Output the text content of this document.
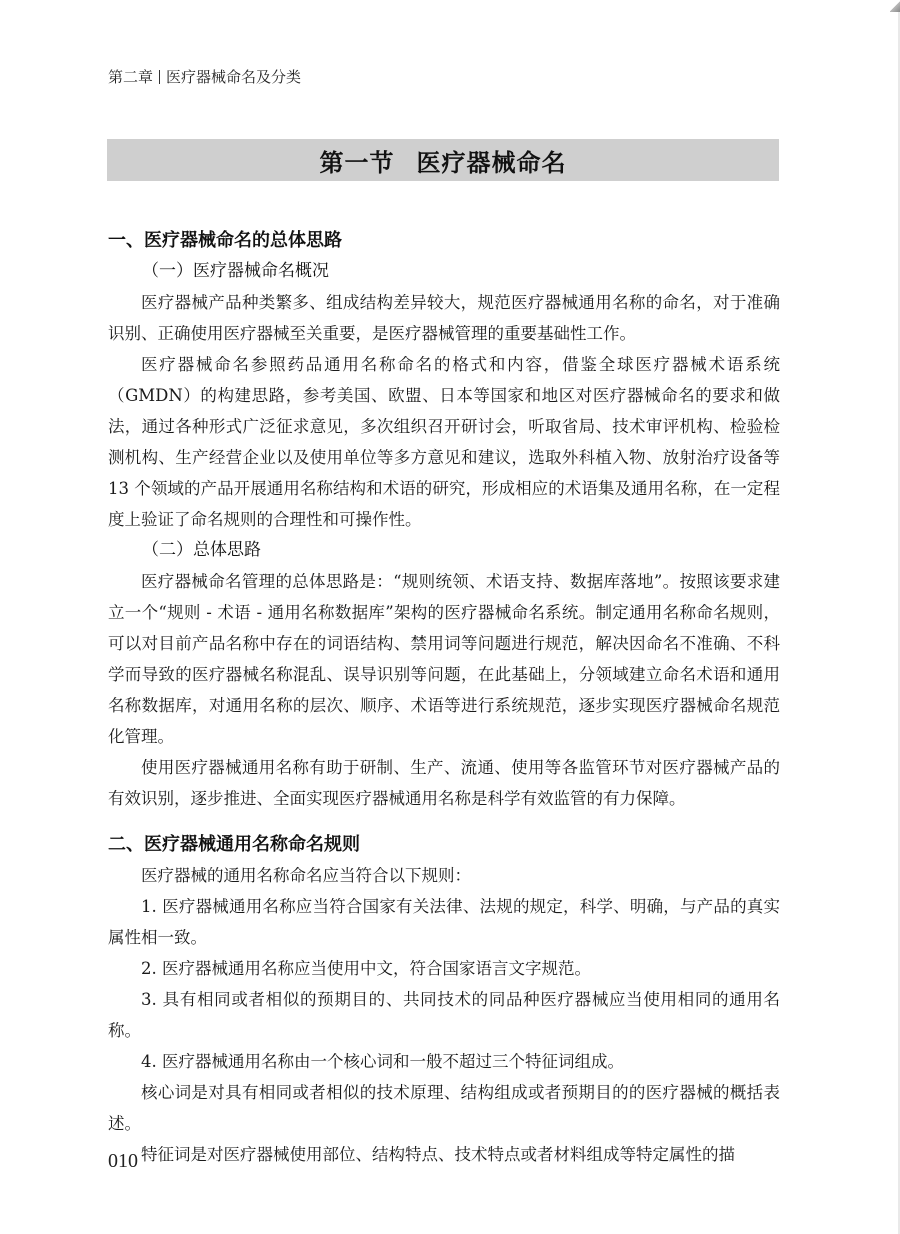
第二章 医疗器械命名及分类
第一节 医疗器械命名
一、医疗器械命名的总体思路
（一）医疗器械命名概况

医疗器械产品种类繁多、组成结构差异较大，规范医疗器械通用名称的命名，对于准确识别、正确使用医疗器械至关重要，是医疗器械管理的重要基础性工作。

医疗器械命名参照药品通用名称命名的格式和内容，借鉴全球医疗器械术语系统（GMDN）的构建思路，参考美国、欧盟、日本等国家和地区对医疗器械命名的要求和做法，通过各种形式广泛征求意见，多次组织召开研讨会，听取省局、技术审评机构、检验检测机构、生产经营企业以及使用单位等多方意见和建议，选取外科植入物、放射治疗设备等 13 个领域的产品开展通用名称结构和术语的研究，形成相应的术语集及通用名称，在一定程度上验证了命名规则的合理性和可操作性。

（二）总体思路

医疗器械命名管理的总体思路是：“规则统领、术语支持、数据库落地”。按照该要求建立一个“规则 - 术语 - 通用名称数据库”架构的医疗器械命名系统。制定通用名称命名规则，可以对目前产品名称中存在的词语结构、禁用词等问题进行规范，解决因命名不准确、不科学而导致的医疗器械名称混乱、误导识别等问题，在此基础上，分领域建立命名术语和通用名称数据库，对通用名称的层次、顺序、术语等进行系统规范，逐步实现医疗器械命名规范化管理。

使用医疗器械通用名称有助于研制、生产、流通、使用等各监管环节对医疗器械产品的有效识别，逐步推进、全面实现医疗器械通用名称是科学有效监管的有力保障。

二、医疗器械通用名称命名规则

医疗器械的通用名称命名应当符合以下规则：

1. 医疗器械通用名称应当符合国家有关法律、法规的规定，科学、明确，与产品的真实属性相一致。

2. 医疗器械通用名称应当使用中文，符合国家语言文字规范。

3. 具有相同或者相似的预期目的、共同技术的同品种医疗器械应当使用相同的通用名称。

4. 医疗器械通用名称由一个核心词和一般不超过三个特征词组成。

核心词是对具有相同或者相似的技术原理、结构组成或者预期目的的医疗器械的概括表述。

特征词是对医疗器械使用部位、结构特点、技术特点或者材料组成等特定属性的描

010
